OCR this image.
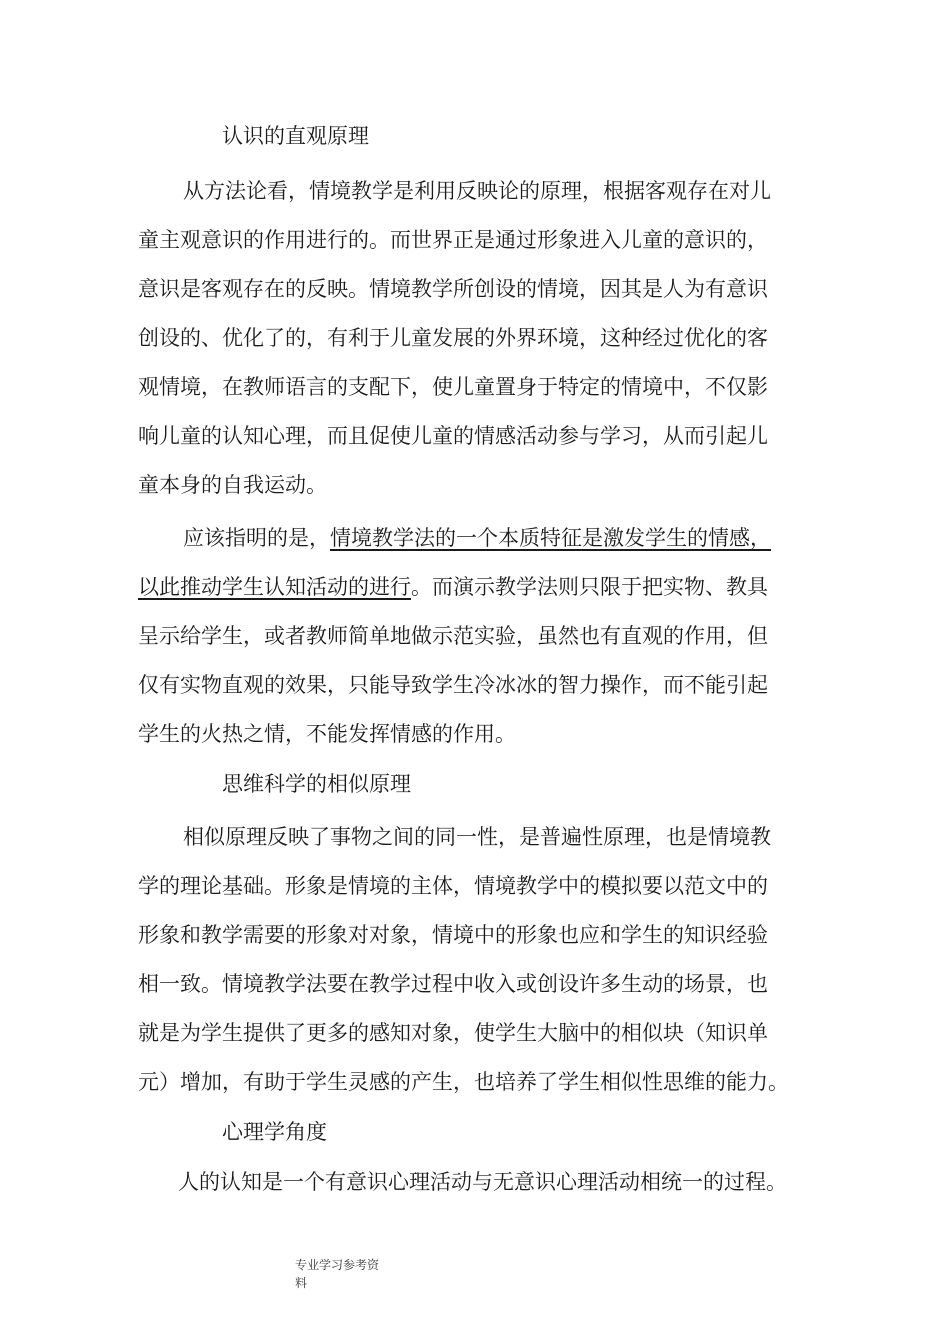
认识的直观原理
从方法论看，情境教学是利用反映论的原理，根据客观存在对儿
童主观意识的作用进行的。而世界正是通过形象进入儿童的意识的，
意识是客观存在的反映。情境教学所创设的情境，因其是人为有意识
创设的、优化了的，有利于儿童发展的外界环境，这种经过优化的客
观情境，在教师语言的支配下，使儿童置身于特定的情境中，不仅影
响儿童的认知心理，而且促使儿童的情感活动参与学习，从而引起儿
童本身的自我运动。
应该指明的是，情境教学法的一个本质特征是激发学生的情感，
以此推动学生认知活动的进行。而演示教学法则只限于把实物、教具
呈示给学生，或者教师简单地做示范实验，虽然也有直观的作用，但
仅有实物直观的效果，只能导致学生冷冰冰的智力操作，而不能引起
学生的火热之情，不能发挥情感的作用。
思维科学的相似原理
相似原理反映了事物之间的同一性，是普遍性原理，也是情境教
学的理论基础。形象是情境的主体，情境教学中的模拟要以范文中的
形象和教学需要的形象对对象，情境中的形象也应和学生的知识经验
相一致。情境教学法要在教学过程中收入或创设许多生动的场景，也
就是为学生提供了更多的感知对象，使学生大脑中的相似块（知识单
元）增加，有助于学生灵感的产生，也培养了学生相似性思维的能力。
心理学角度
人的认知是一个有意识心理活动与无意识心理活动相统一的过程。
专业学习参考资
料
